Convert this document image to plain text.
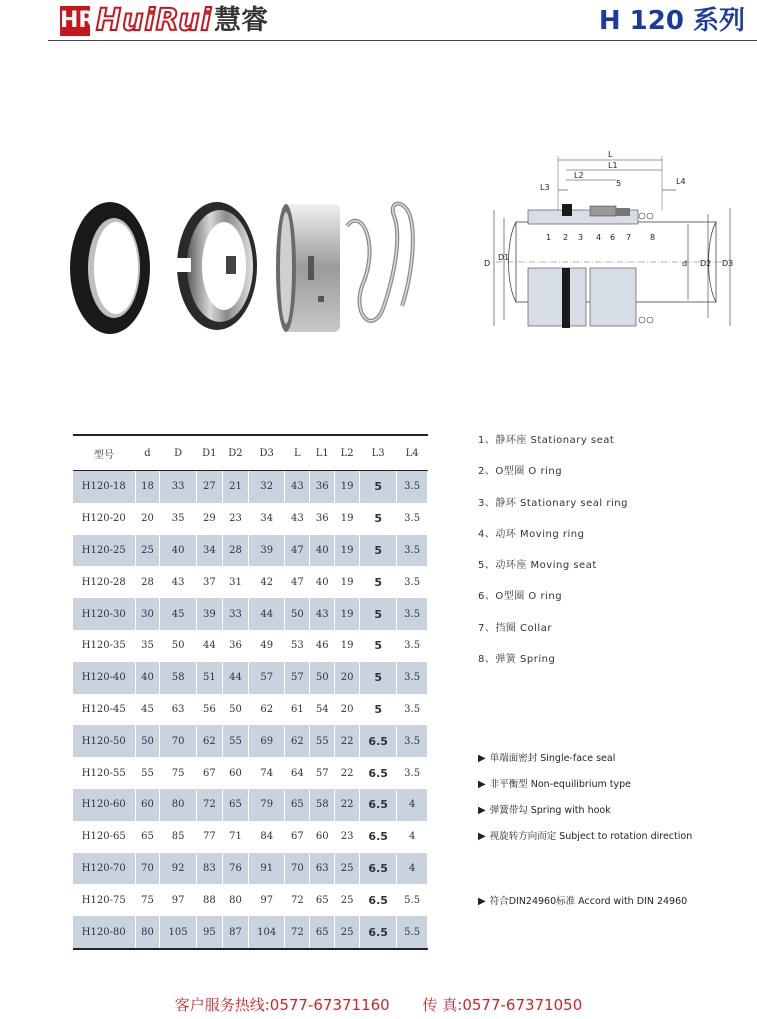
HR HuiRui 慧睿	H 120 系列
L
L1
L2
L3
L4
D
D1
d D2 D3
1 2 3 4
5
6 7 8
型号	d	D	D1	D2	D3	L	L1	L2	L3	L4
H120-18	18	33	27	21	32	43	36	19	5	3.5
H120-20	20	35	29	23	34	43	36	19	5	3.5
H120-25	25	40	34	28	39	47	40	19	5	3.5
H120-28	28	43	37	31	42	47	40	19	5	3.5
H120-30	30	45	39	33	44	50	43	19	5	3.5
H120-35	35	50	44	36	49	53	46	19	5	3.5
H120-40	40	58	51	44	57	57	50	20	5	3.5
H120-45	45	63	56	50	62	61	54	20	5	3.5
H120-50	50	70	62	55	69	62	55	22	6.5	3.5
H120-55	55	75	67	60	74	64	57	22	6.5	3.5
H120-60	60	80	72	65	79	65	58	22	6.5	4
H120-65	65	85	77	71	84	67	60	23	6.5	4
H120-70	70	92	83	76	91	70	63	25	6.5	4
H120-75	75	97	88	80	97	72	65	25	6.5	5.5
H120-80	80	105	95	87	104	72	65	25	6.5	5.5
1、静环座 Stationary seat
2、O型圈 O ring
3、静环 Stationary seal ring
4、动环 Moving ring
5、动环座 Moving seat
6、O型圈 O ring
7、挡圈 Collar
8、弹簧 Spring
▶ 单端面密封 Single-face seal
▶ 非平衡型 Non-equilibrium type
▶ 弹簧带勾 Spring with hook
▶ 视旋转方向而定 Subject to rotation direction
▶ 符合DIN24960标准 Accord with DIN 24960
客户服务热线:0577-67371160 传 真:0577-67371050
